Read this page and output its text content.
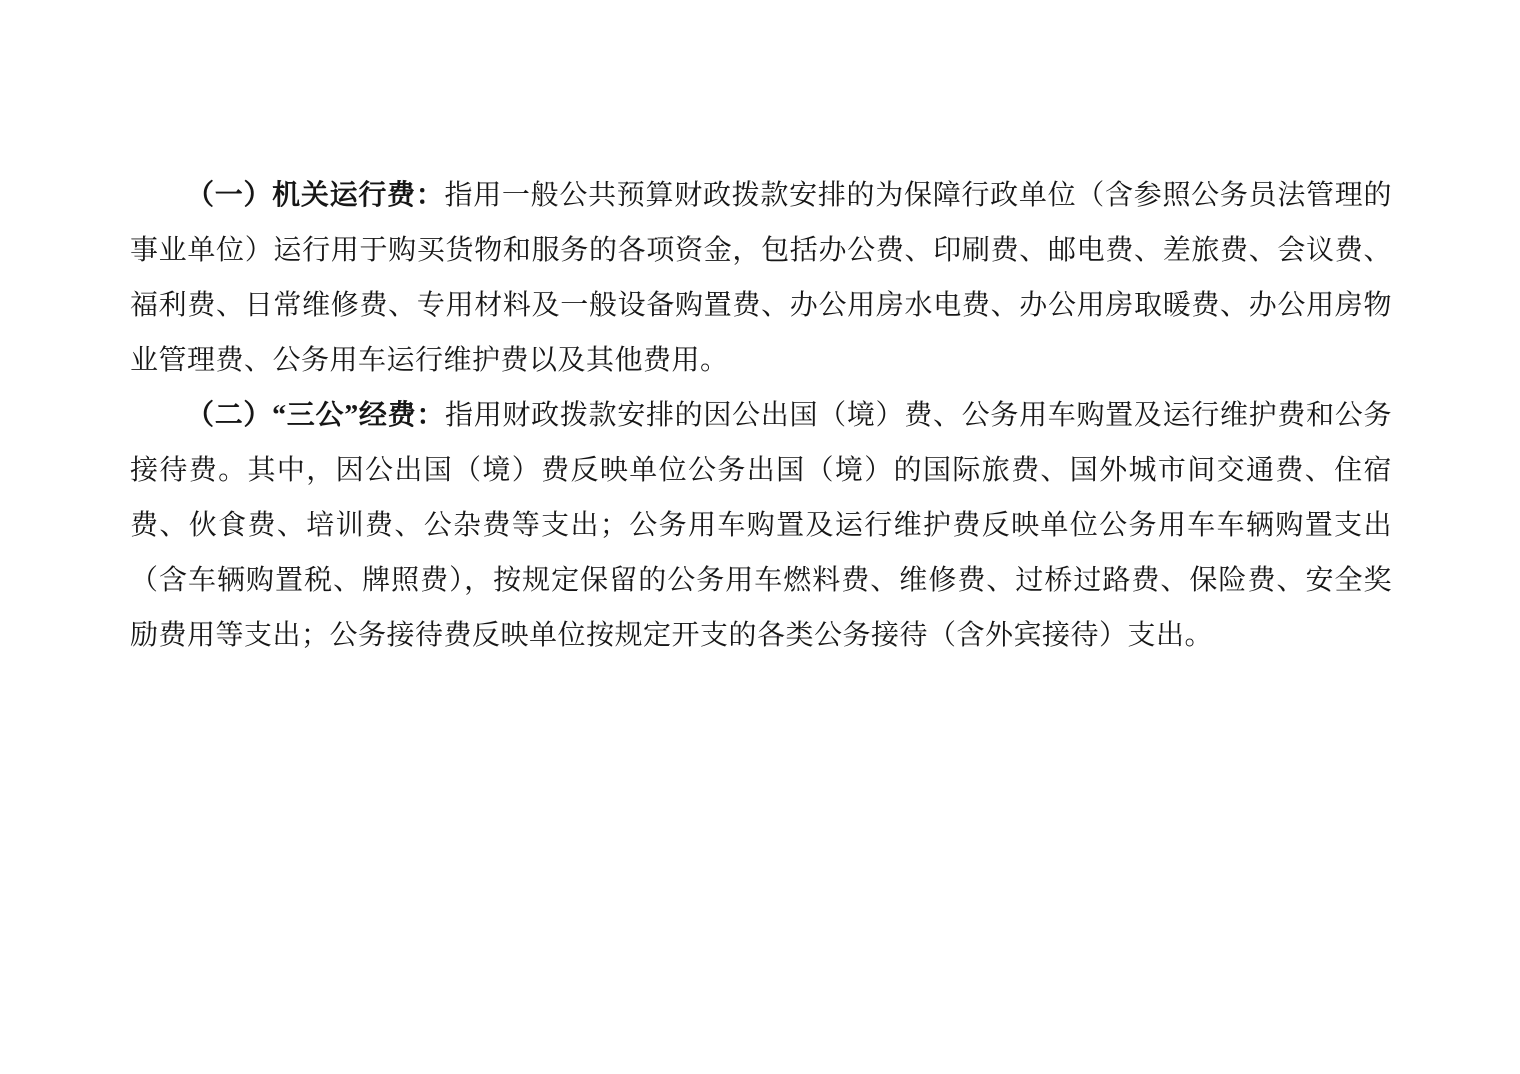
（一）机关运行费：指用一般公共预算财政拨款安排的为保障行政单位（含参照公务员法管理的事业单位）运行用于购买货物和服务的各项资金，包括办公费、印刷费、邮电费、差旅费、会议费、福利费、日常维修费、专用材料及一般设备购置费、办公用房水电费、办公用房取暖费、办公用房物业管理费、公务用车运行维护费以及其他费用。

（二）“三公”经费：指用财政拨款安排的因公出国（境）费、公务用车购置及运行维护费和公务接待费。其中，因公出国（境）费反映单位公务出国（境）的国际旅费、国外城市间交通费、住宿费、伙食费、培训费、公杂费等支出；公务用车购置及运行维护费反映单位公务用车车辆购置支出（含车辆购置税、牌照费），按规定保留的公务用车燃料费、维修费、过桥过路费、保险费、安全奖励费用等支出；公务接待费反映单位按规定开支的各类公务接待（含外宾接待）支出。
